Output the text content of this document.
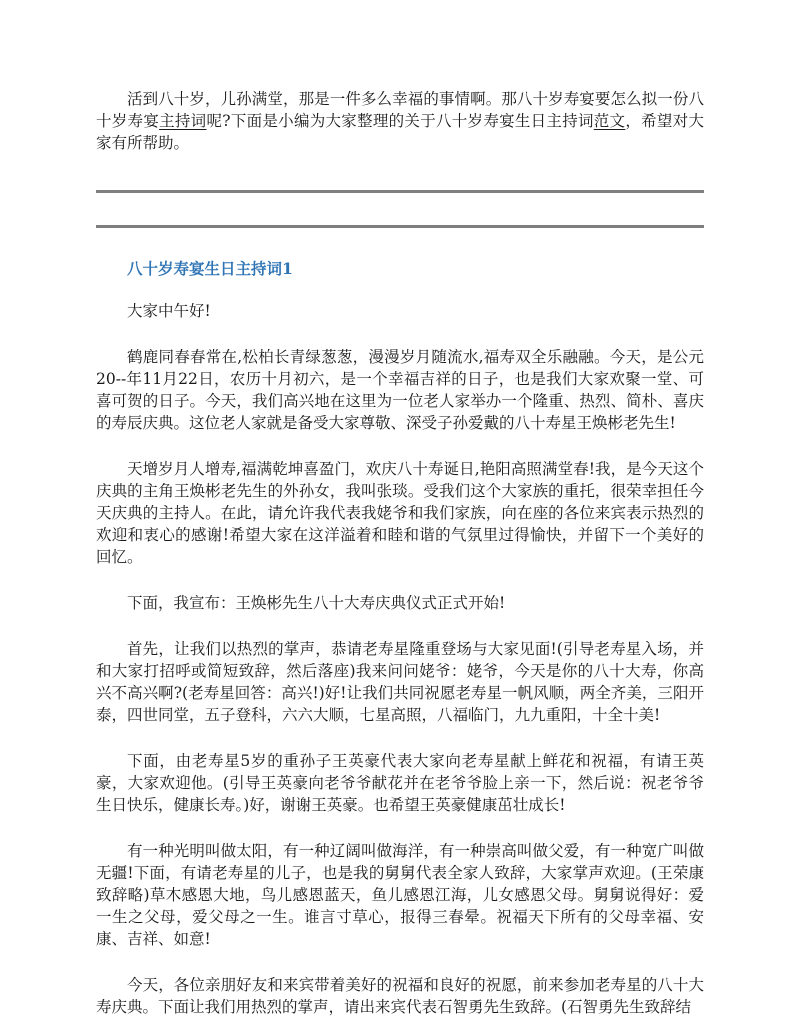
活到八十岁，儿孙满堂，那是一件多么幸福的事情啊。那八十岁寿宴要怎么拟一份八十岁寿宴主持词呢?下面是小编为大家整理的关于八十岁寿宴生日主持词范文，希望对大家有所帮助。

八十岁寿宴生日主持词1

大家中午好!

鹤鹿同春春常在,松柏长青绿葱葱，漫漫岁月随流水,福寿双全乐融融。今天，是公元20--年11月22日，农历十月初六，是一个幸福吉祥的日子，也是我们大家欢聚一堂、可喜可贺的日子。今天，我们高兴地在这里为一位老人家举办一个隆重、热烈、简朴、喜庆的寿辰庆典。这位老人家就是备受大家尊敬、深受子孙爱戴的八十寿星王焕彬老先生!

天增岁月人增寿,福满乾坤喜盈门，欢庆八十寿诞日,艳阳高照满堂春!我，是今天这个庆典的主角王焕彬老先生的外孙女，我叫张琰。受我们这个大家族的重托，很荣幸担任今天庆典的主持人。在此，请允许我代表我姥爷和我们家族，向在座的各位来宾表示热烈的欢迎和衷心的感谢!希望大家在这洋溢着和睦和谐的气氛里过得愉快，并留下一个美好的回忆。

下面，我宣布：王焕彬先生八十大寿庆典仪式正式开始!

首先，让我们以热烈的掌声，恭请老寿星隆重登场与大家见面!(引导老寿星入场，并和大家打招呼或简短致辞，然后落座)我来问问姥爷：姥爷，今天是你的八十大寿，你高兴不高兴啊?(老寿星回答：高兴!)好!让我们共同祝愿老寿星一帆风顺，两全齐美，三阳开泰，四世同堂，五子登科，六六大顺，七星高照，八福临门，九九重阳，十全十美!

下面，由老寿星5岁的重孙子王英豪代表大家向老寿星献上鲜花和祝福，有请王英豪，大家欢迎他。(引导王英豪向老爷爷献花并在老爷爷脸上亲一下，然后说：祝老爷爷生日快乐，健康长寿。)好，谢谢王英豪。也希望王英豪健康茁壮成长!

有一种光明叫做太阳，有一种辽阔叫做海洋，有一种崇高叫做父爱，有一种宽广叫做无疆!下面，有请老寿星的儿子，也是我的舅舅代表全家人致辞，大家掌声欢迎。(王荣康致辞略)草木感恩大地，鸟儿感恩蓝天，鱼儿感恩江海，儿女感恩父母。舅舅说得好：爱一生之父母，爱父母之一生。谁言寸草心，报得三春晕。祝福天下所有的父母幸福、安康、吉祥、如意!

今天，各位亲朋好友和来宾带着美好的祝福和良好的祝愿，前来参加老寿星的八十大寿庆典。下面让我们用热烈的掌声，请出来宾代表石智勇先生致辞。(石智勇先生致辞结
